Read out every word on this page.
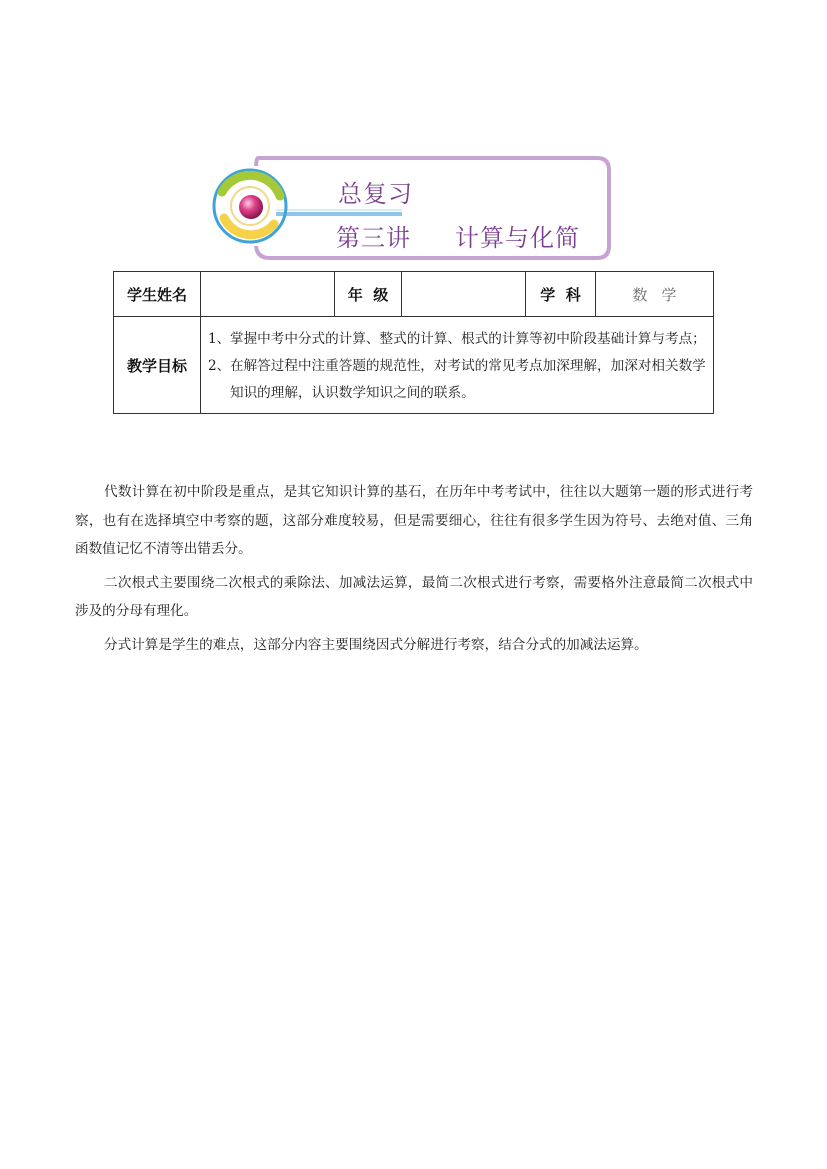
总复习
第三讲 计算与化简
学生姓名		年  级		学  科	数学
教学目标	1、掌握中考中分式的计算、整式的计算、根式的计算等初中阶段基础计算与考点；

2、在解答过程中注重答题的规范性，对考试的常见考点加深理解，加深对相关数学知识的理解，认识数学知识之间的联系。				

代数计算在初中阶段是重点，是其它知识计算的基石，在历年中考考试中，往往以大题第一题的形式进行考察，也有在选择填空中考察的题，这部分难度较易，但是需要细心，往往有很多学生因为符号、去绝对值、三角函数值记忆不清等出错丢分。

二次根式主要围绕二次根式的乘除法、加减法运算，最简二次根式进行考察，需要格外注意最简二次根式中涉及的分母有理化。

分式计算是学生的难点，这部分内容主要围绕因式分解进行考察，结合分式的加减法运算。
